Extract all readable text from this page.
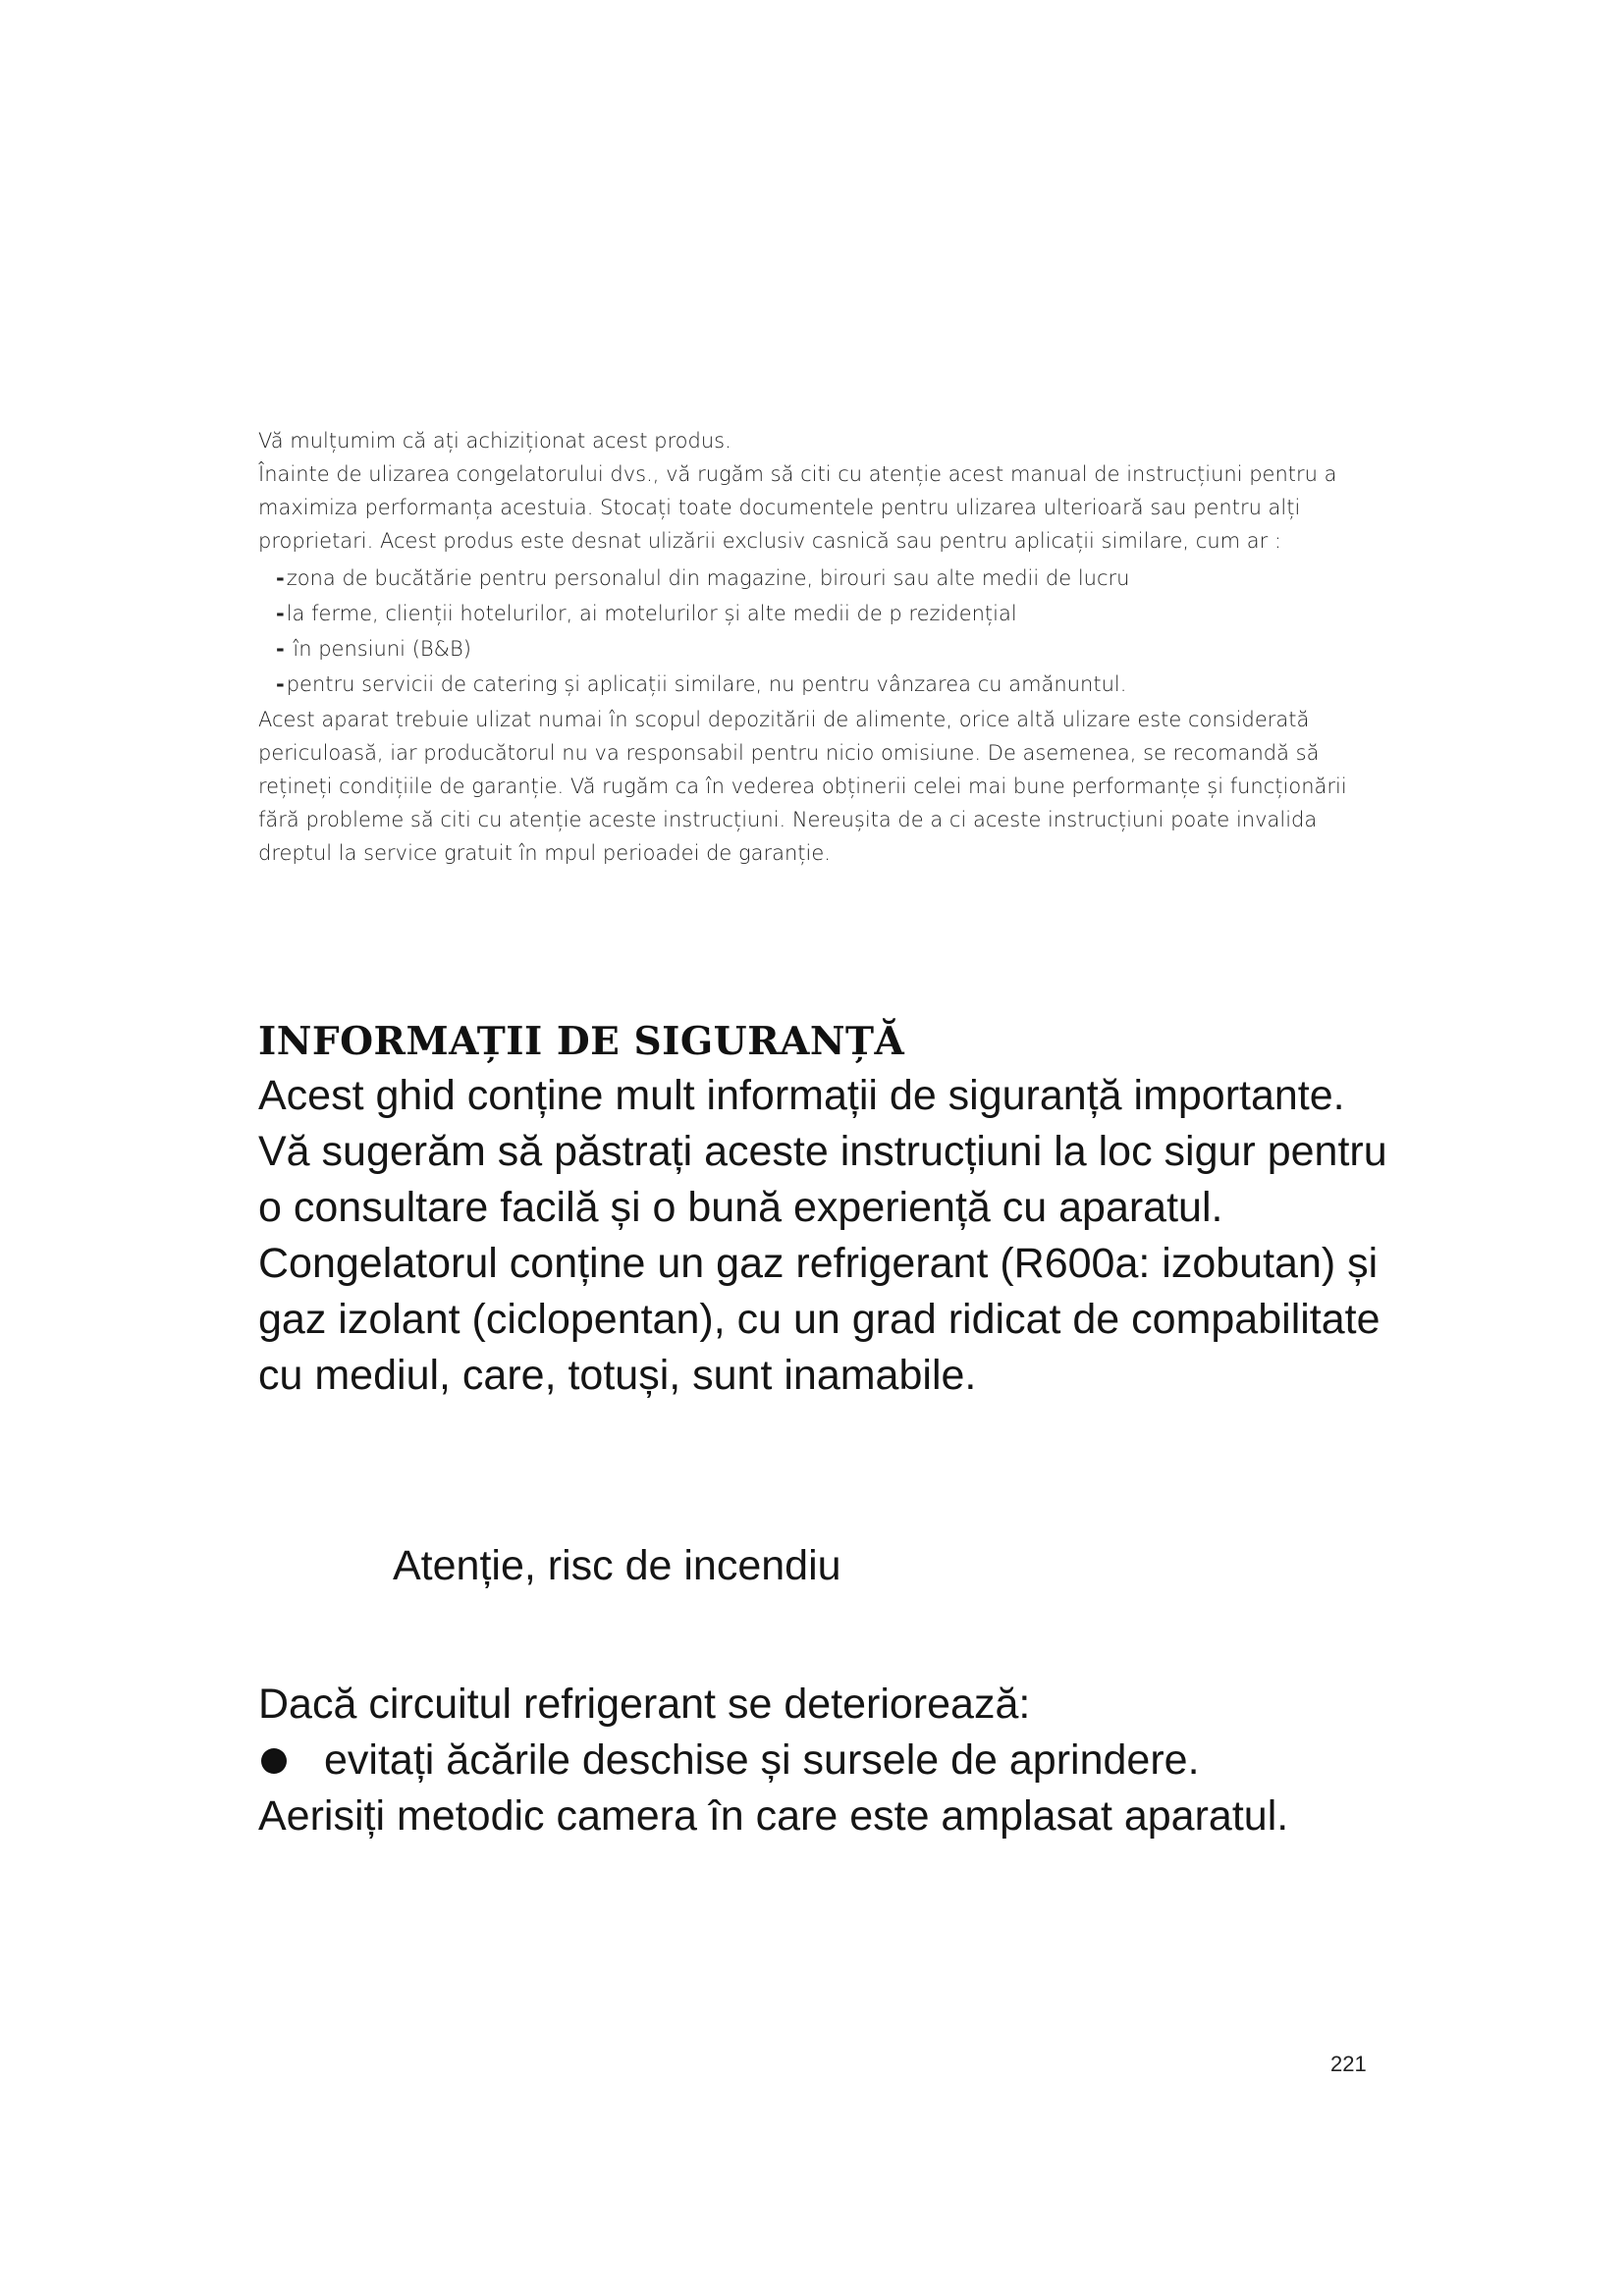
Vă mulțumim că ați achiziționat acest produs.

Înainte de ulizarea congelatorului dvs., vă rugăm să citi cu atenție acest manual de instrucțiuni pentru a maximiza performanța acestuia. Stocați toate documentele pentru ulizarea ulterioară sau pentru alți proprietari. Acest produs este desnat ulizării exclusiv casnică sau pentru aplicații similare, cum ar :

-zona de bucătărie pentru personalul din magazine, birouri sau alte medii de lucru
-la ferme, clienții hotelurilor, ai motelurilor și alte medii de p rezidențial
- în pensiuni (B&B)
-pentru servicii de catering și aplicații similare, nu pentru vânzarea cu amănuntul.

Acest aparat trebuie ulizat numai în scopul depozitării de alimente, orice altă ulizare este considerată periculoasă, iar producătorul nu va responsabil pentru nicio omisiune. De asemenea, se recomandă să rețineți condițiile de garanție. Vă rugăm ca în vederea obținerii celei mai bune performanțe și funcționării fără probleme să citi cu atenție aceste instrucțiuni. Nereușita de a ci aceste instrucțiuni poate invalida dreptul la service gratuit în mpul perioadei de garanție.

INFORMAȚII DE SIGURANȚĂ

Acest ghid conține mult informații de siguranță importante. Vă sugerăm să păstrați aceste instrucțiuni la loc sigur pentru o consultare facilă și o bună experiență cu aparatul.

Congelatorul conține un gaz refrigerant (R600a: izobutan) și gaz izolant (ciclopentan), cu un grad ridicat de compabilitate cu mediul, care, totuși, sunt inamabile.

Atenție, risc de incendiu

Dacă circuitul refrigerant se deteriorează:

evitați ăcările deschise și sursele de aprindere.

Aerisiți metodic camera în care este amplasat aparatul.

221
